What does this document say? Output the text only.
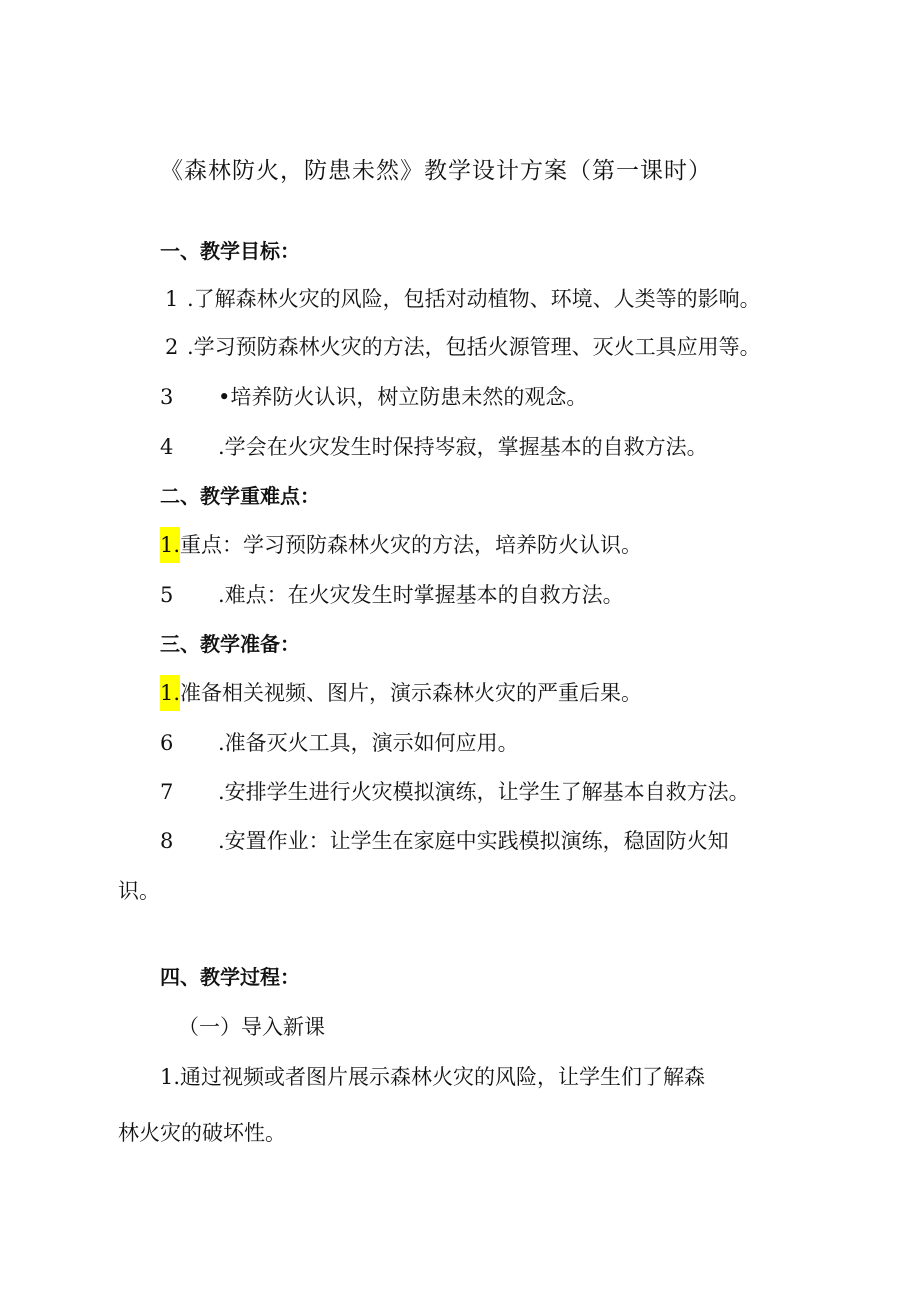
《森林防火，防患未然》教学设计方案（第一课时）
一、教学目标：
1 .了解森林火灾的风险，包括对动植物、环境、人类等的影响。
2 .学习预防森林火灾的方法，包括火源管理、灭火工具应用等。
3 •培养防火认识，树立防患未然的观念。
4 .学会在火灾发生时保持岑寂，掌握基本的自救方法。
二、教学重难点：
1.重点：学习预防森林火灾的方法，培养防火认识。
5 .难点：在火灾发生时掌握基本的自救方法。
三、教学准备：
1.准备相关视频、图片，演示森林火灾的严重后果。
6 .准备灭火工具，演示如何应用。
7 .安排学生进行火灾模拟演练，让学生了解基本自救方法。
8 .安置作业：让学生在家庭中实践模拟演练，稳固防火知
识。
四、教学过程：
（一）导入新课
1.通过视频或者图片展示森林火灾的风险，让学生们了解森
林火灾的破坏性。
